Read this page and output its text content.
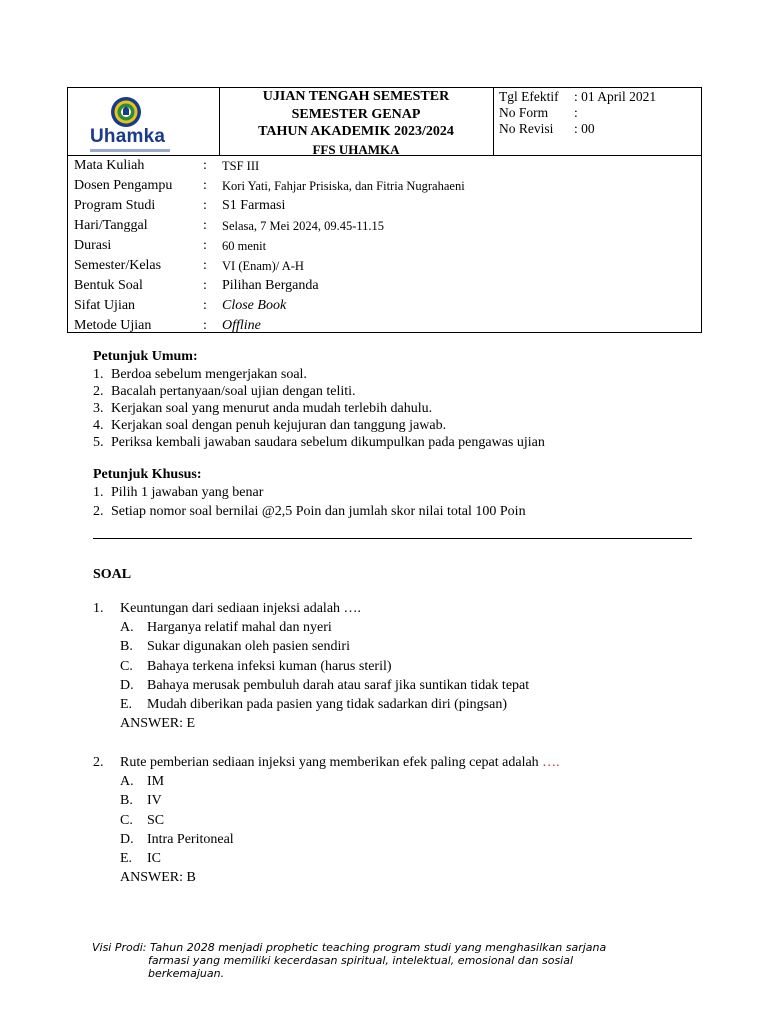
Uhamka
UJIAN TENGAH SEMESTER
SEMESTER GENAP
TAHUN AKADEMIK 2023/2024
FFS UHAMKA
Tgl Efektif : 01 April 2021
No Form :
No Revisi : 00
Mata Kuliah	: TSF III
Dosen Pengampu : Kori Yati, Fahjar Prisiska, dan Fitria Nugrahaeni
Program Studi	: S1 Farmasi
Hari/Tanggal	: Selasa, 7 Mei 2024, 09.45-11.15
Durasi	: 60 menit
Semester/Kelas	: VI (Enam)/ A-H
Bentuk Soal	: Pilihan Berganda
Sifat Ujian	: Close Book
Metode Ujian	: Offline
Petunjuk Umum:
1. Berdoa sebelum mengerjakan soal.
2. Bacalah pertanyaan/soal ujian dengan teliti.
3. Kerjakan soal yang menurut anda mudah terlebih dahulu.
4. Kerjakan soal dengan penuh kejujuran dan tanggung jawab.
5. Periksa kembali jawaban saudara sebelum dikumpulkan pada pengawas ujian
Petunjuk Khusus:
1. Pilih 1 jawaban yang benar
2. Setiap nomor soal bernilai @2,5 Poin dan jumlah skor nilai total 100 Poin
SOAL
1. Keuntungan dari sediaan injeksi adalah ….
A. Harganya relatif mahal dan nyeri
B. Sukar digunakan oleh pasien sendiri
C. Bahaya terkena infeksi kuman (harus steril)
D. Bahaya merusak pembuluh darah atau saraf jika suntikan tidak tepat
E. Mudah diberikan pada pasien yang tidak sadarkan diri (pingsan)
ANSWER: E
2. Rute pemberian sediaan injeksi yang memberikan efek paling cepat adalah ….
A. IM
B. IV
C. SC
D. Intra Peritoneal
E. IC
ANSWER: B
Visi Prodi: Tahun 2028 menjadi prophetic teaching program studi yang menghasilkan sarjana
farmasi yang memiliki kecerdasan spiritual, intelektual, emosional dan sosial
berkemajuan.
